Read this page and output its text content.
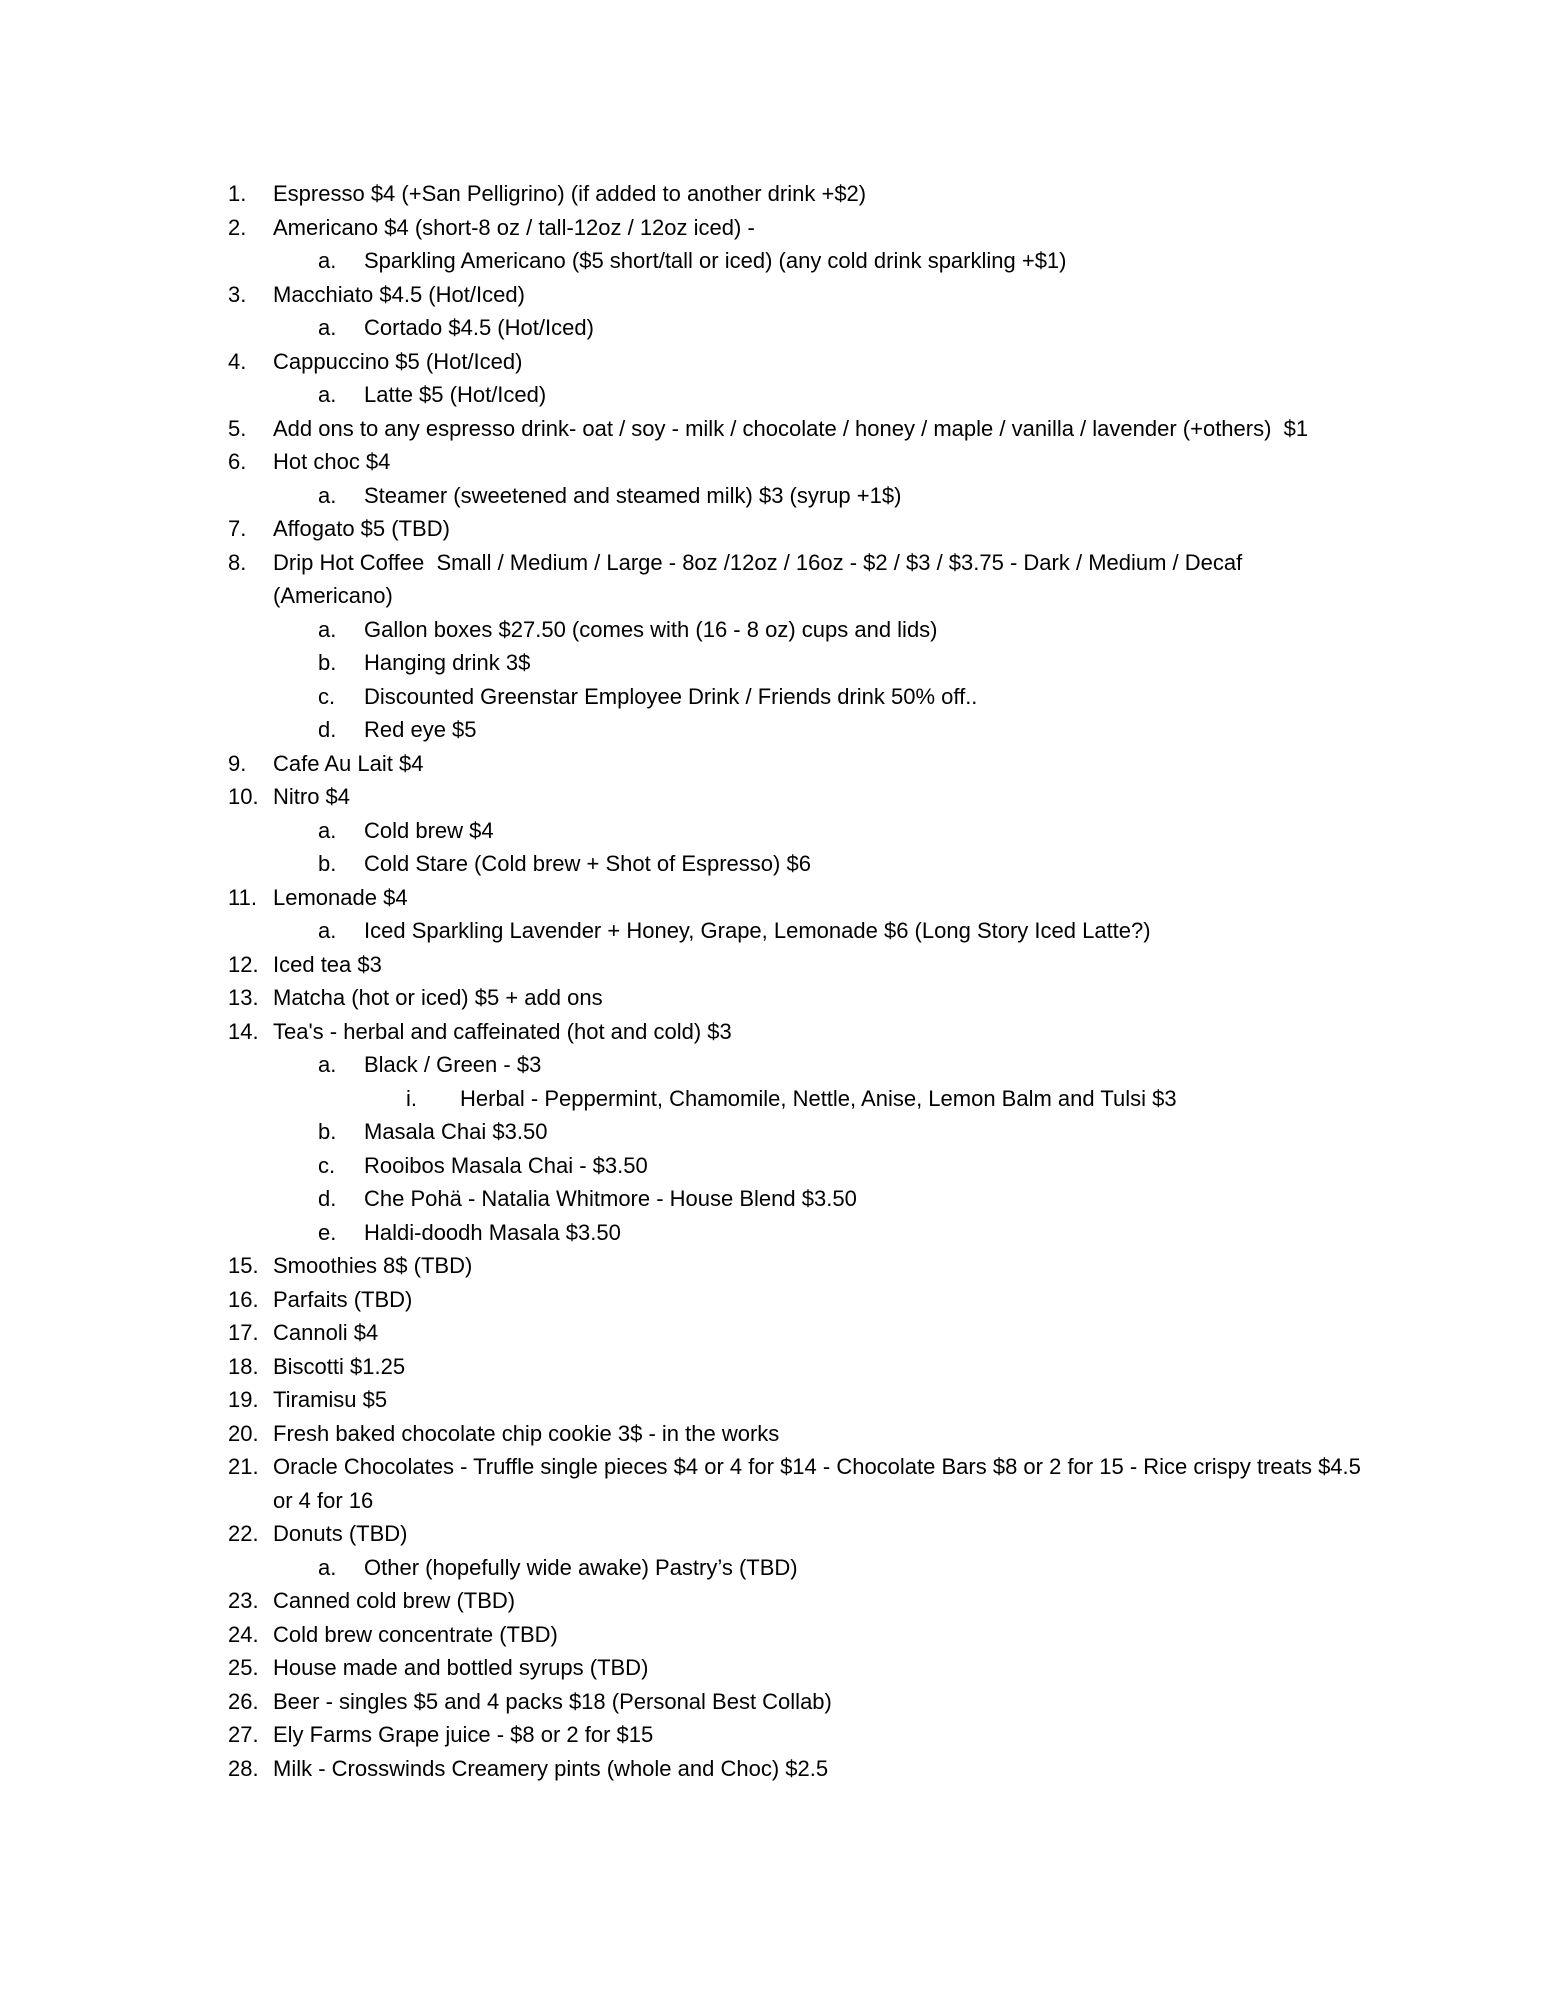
1.	Espresso $4 (+San Pelligrino) (if added to another drink +$2)
2.	Americano $4 (short-8 oz / tall-12oz / 12oz iced) -
a.	Sparkling Americano ($5 short/tall or iced) (any cold drink sparkling +$1)
3.	Macchiato $4.5 (Hot/Iced)
a.	Cortado $4.5 (Hot/Iced)
4.	Cappuccino $5 (Hot/Iced)
a.	Latte $5 (Hot/Iced)
5.	Add ons to any espresso drink- oat / soy - milk / chocolate / honey / maple / vanilla / lavender (+others)  $1
6.	Hot choc $4
a.	Steamer (sweetened and steamed milk) $3 (syrup +1$)
7.	Affogato $5 (TBD)
8.	Drip Hot Coffee  Small / Medium / Large - 8oz /12oz / 16oz - $2 / $3 / $3.75 - Dark / Medium / Decaf (Americano)
a.	Gallon boxes $27.50 (comes with (16 - 8 oz) cups and lids)
b.	Hanging drink 3$
c.	Discounted Greenstar Employee Drink / Friends drink 50% off..
d.	Red eye $5
9.	Cafe Au Lait $4
10. Nitro $4
a.	Cold brew $4
b.	Cold Stare (Cold brew + Shot of Espresso) $6
11. Lemonade $4
a.	Iced Sparkling Lavender + Honey, Grape, Lemonade $6 (Long Story Iced Latte?)
12. Iced tea $3
13. Matcha (hot or iced) $5 + add ons
14. Tea's - herbal and caffeinated (hot and cold) $3
a.	Black / Green - $3
i.	Herbal - Peppermint, Chamomile, Nettle, Anise, Lemon Balm and Tulsi $3
b.	Masala Chai $3.50
c.	Rooibos Masala Chai - $3.50
d.	Che Pohä - Natalia Whitmore - House Blend $3.50
e.	Haldi-doodh Masala $3.50
15. Smoothies 8$ (TBD)
16. Parfaits (TBD)
17. Cannoli $4
18. Biscotti $1.25
19. Tiramisu $5
20. Fresh baked chocolate chip cookie 3$ - in the works
21. Oracle Chocolates - Truffle single pieces $4 or 4 for $14 - Chocolate Bars $8 or 2 for 15 - Rice crispy treats $4.5 or 4 for 16
22. Donuts (TBD)
a.	Other (hopefully wide awake) Pastry’s (TBD)
23. Canned cold brew (TBD)
24. Cold brew concentrate (TBD)
25. House made and bottled syrups (TBD)
26. Beer - singles $5 and 4 packs $18 (Personal Best Collab)
27. Ely Farms Grape juice - $8 or 2 for $15
28. Milk - Crosswinds Creamery pints (whole and Choc) $2.5
